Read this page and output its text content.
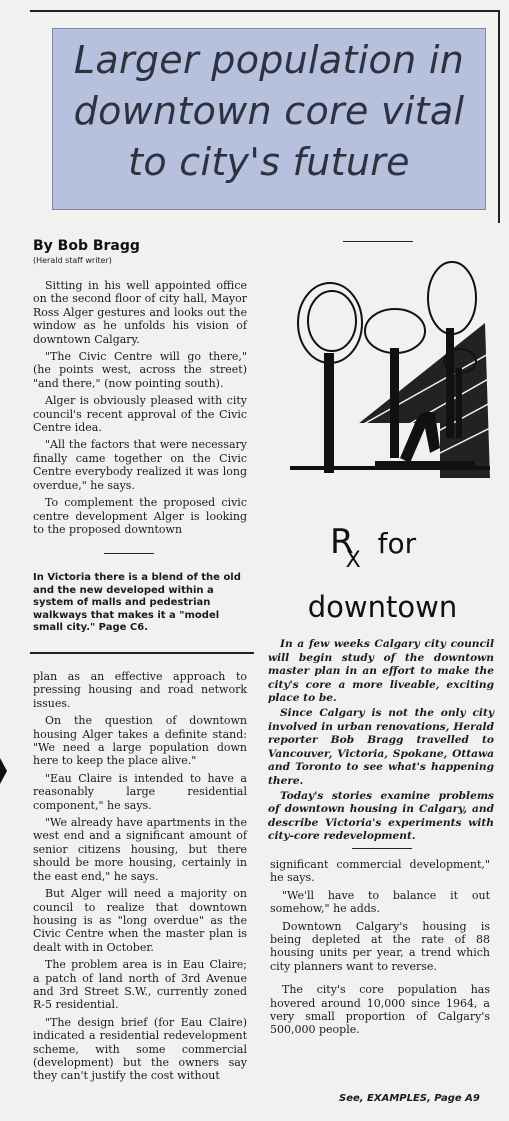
Larger population in downtown core vital to city's future
By Bob Bragg
(Herald staff writer)

Sitting in his well appointed office on the second floor of city hall, Mayor Ross Alger gestures and looks out the window as he unfolds his vision of downtown Calgary.

"The Civic Centre will go there," (he points west, across the street) "and there," (now pointing south).

Alger is obviously pleased with city council's recent approval of the Civic Centre idea.

"All the factors that were necessary finally came together on the Civic Centre everybody realized it was long overdue," he says.

To complement the proposed civic centre development Alger is looking to the proposed downtown

In Victoria there is a blend of the old and the new developed within a system of malls and pedestrian walkways that makes it a "model small city." Page C6.

plan as an effective approach to pressing housing and road network issues.

On the question of downtown housing Alger takes a definite stand: "We need a large population down here to keep the place alive."

"Eau Claire is intended to have a reasonably large residential component," he says.

"We already have apartments in the west end and a significant amount of senior citizens housing, but there should be more housing, certainly in the east end," he says.

But Alger will need a majority on council to realize that downtown housing is as "long overdue" as the Civic Centre when the master plan is dealt with in October.

The problem area is in Eau Claire; a patch of land north of 3rd Avenue and 3rd Street S.W., currently zoned R-5 residential.

"The design brief (for Eau Claire) indicated a residential redevelopment scheme, with some commercial (development) but the owners say they can't justify the cost without

$R_X$ for
downtown

In a few weeks Calgary city council will begin study of the downtown master plan in an effort to make the city's core a more liveable, exciting place to be.

Since Calgary is not the only city involved in urban renovations, Herald reporter Bob Bragg travelled to Vancouver, Victoria, Spokane, Ottawa and Toronto to see what's happening there.

Today's stories examine problems of downtown housing in Calgary, and describe Victoria's experiments with city-core redevelopment.

significant commercial development," he says.

"We'll have to balance it out somehow," he adds.

Downtown Calgary's housing is being depleted at the rate of 88 housing units per year, a trend which city planners want to reverse.

The city's core population has hovered around 10,000 since 1964, a very small proportion of Calgary's 500,000 people.

See, EXAMPLES, Page A9
